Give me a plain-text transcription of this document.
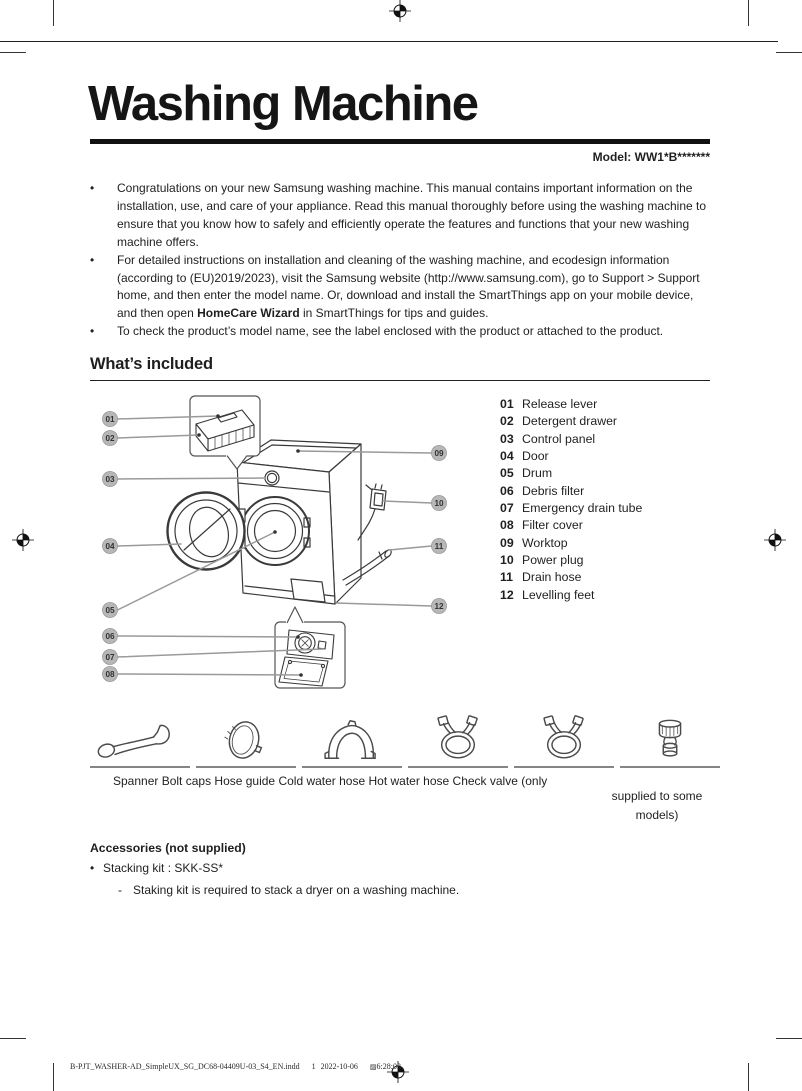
Washing Machine
Model: WW1*B*******
•	Congratulations on your new Samsung washing machine. This manual contains important information on the installation, use, and care of your appliance. Read this manual thoroughly before using the washing machine to ensure that you know how to safely and efficiently operate the features and functions that your new washing machine offers.
•	For detailed instructions on installation and cleaning of the washing machine, and ecodesign information (according to (EU)2019/2023), visit the Samsung website (http://www.samsung.com), go to Support > Support home, and then enter the model name. Or, download and install the SmartThings app on your mobile device, and then open HomeCare Wizard in SmartThings for tips and guides.
•	To check the product’s model name, see the label enclosed with the product or attached to the product.
What’s included
01
02
03
04
05
06
07
08
09
10
11
12
01 Release lever
02 Detergent drawer
03 Control panel
04 Door
05 Drum
06 Debris filter
07 Emergency drain tube
08 Filter cover
09 Worktop
10 Power plug
11 Drain hose
12 Levelling feet
Spanner Bolt caps Hose guide Cold water hose Hot water hose Check valve (only
supplied to some
models)
Accessories (not supplied)
• Stacking kit : SKK-SS*
- Staking kit is required to stack a dryer on a washing machine.
B-PJT_WASHER-AD_SimpleUX_SG_DC68-04409U-03_S4_EN.indd 1 2022-10-06 ▨6:28:03
